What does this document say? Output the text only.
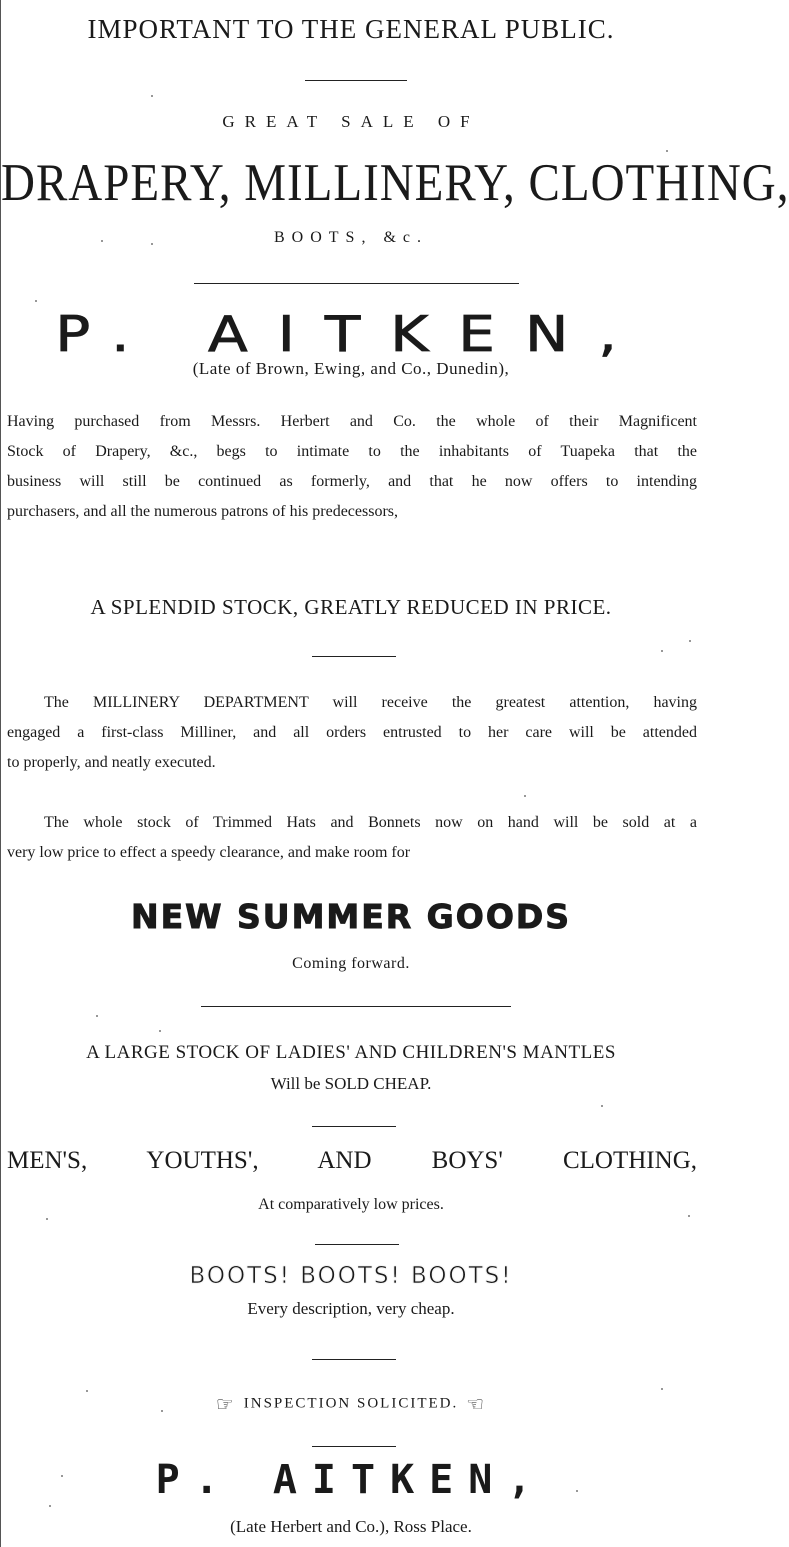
IMPORTANT TO THE GENERAL PUBLIC.
GREAT SALE OF
DRAPERY, MILLINERY, CLOTHING,
BOOTS, &c.
P. AITKEN,
(Late of Brown, Ewing, and Co., Dunedin),
Having purchased from Messrs. Herbert and Co. the whole of their Magnificent
Stock of Drapery, &c., begs to intimate to the inhabitants of Tuapeka that the
business will still be continued as formerly, and that he now offers to intending
purchasers, and all the numerous patrons of his predecessors,
A SPLENDID STOCK, GREATLY REDUCED IN PRICE.
The MILLINERY DEPARTMENT will receive the greatest attention, having
engaged a first-class Milliner, and all orders entrusted to her care will be attended
to properly, and neatly executed.
The whole stock of Trimmed Hats and Bonnets now on hand will be sold at a
very low price to effect a speedy clearance, and make room for
NEW SUMMER GOODS
Coming forward.
A LARGE STOCK OF LADIES' AND CHILDREN'S MANTLES
Will be SOLD CHEAP.
MEN'S, YOUTHS', AND BOYS' CLOTHING,
At comparatively low prices.
BOOTS! BOOTS! BOOTS!
Every description, very cheap.
☞ INSPECTION SOLICITED. ☜
P. AITKEN,
(Late Herbert and Co.), Ross Place.
